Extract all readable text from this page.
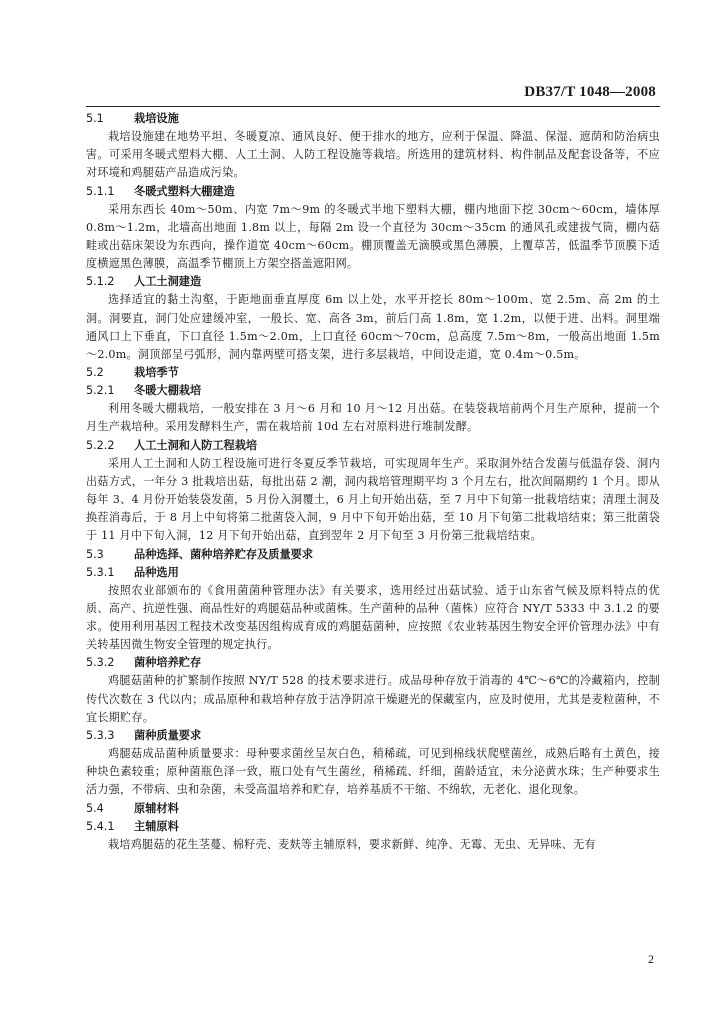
DB37/T 1048—2008
5.1	栽培设施

栽培设施建在地势平坦、冬暖夏凉、通风良好、便于排水的地方，应利于保温、降温、保湿、遮荫和防治病虫害。可采用冬暖式塑料大棚、人工土洞、人防工程设施等栽培。所选用的建筑材料、构件制品及配套设备等，不应对环境和鸡腿菇产品造成污染。

5.1.1 冬暖式塑料大棚建造

采用东西长 40m～50m、内宽 7m～9m 的冬暖式半地下塑料大棚，棚内地面下挖 30cm～60cm，墙体厚 0.8m～1.2m，北墙高出地面 1.8m 以上，每隔 2m 设一个直径为 30cm～35cm 的通风孔或建拔气筒，棚内菇畦或出菇床架设为东西向，操作道宽 40cm～60cm。棚顶覆盖无滴膜或黑色薄膜，上覆草苫，低温季节顶膜下适度横遮黑色薄膜，高温季节棚顶上方架空搭盖遮阳网。

5.1.2 人工土洞建造

选择适宜的黏土沟壑，于距地面垂直厚度 6m 以上处，水平开挖长 80m～100m、宽 2.5m、高 2m 的土洞。洞要直，洞门处应建缓冲室，一般长、宽、高各 3m，前后门高 1.8m，宽 1.2m，以便于进、出料。洞里端通风口上下垂直，下口直径 1.5m～2.0m，上口直径 60cm～70cm，总高度 7.5m～8m，一般高出地面 1.5m～2.0m。洞顶部呈弓弧形，洞内靠两壁可搭支架，进行多层栽培，中间设走道，宽 0.4m～0.5m。

5.2	栽培季节
5.2.1 冬暖大棚栽培

利用冬暖大棚栽培，一般安排在 3 月～6 月和 10 月～12 月出菇。在装袋栽培前两个月生产原种，提前一个月生产栽培种。采用发酵料生产，需在栽培前 10d 左右对原料进行堆制发酵。

5.2.2 人工土洞和人防工程栽培

采用人工土洞和人防工程设施可进行冬夏反季节栽培，可实现周年生产。采取洞外结合发菌与低温存袋、洞内出菇方式，一年分 3 批栽培出菇，每批出菇 2 潮，洞内栽培管理期平均 3 个月左右，批次间隔期约 1 个月。即从每年 3、4 月份开始装袋发菌，5 月份入洞覆土，6 月上旬开始出菇，至 7 月中下旬第一批栽培结束；清理土洞及换茬消毒后，于 8 月上中旬将第二批菌袋入洞，9 月中下旬开始出菇，至 10 月下旬第二批栽培结束；第三批菌袋于 11 月中下旬入洞，12 月下旬开始出菇，直到翌年 2 月下旬至 3 月份第三批栽培结束。

5.3	品种选择、菌种培养贮存及质量要求
5.3.1 品种选用

按照农业部颁布的《食用菌菌种管理办法》有关要求，选用经过出菇试验、适于山东省气候及原料特点的优质、高产、抗逆性强、商品性好的鸡腿菇品种或菌株。生产菌种的品种（菌株）应符合 NY/T 5333 中 3.1.2 的要求。使用利用基因工程技术改变基因组构成育成的鸡腿菇菌种，应按照《农业转基因生物安全评价管理办法》中有关转基因微生物安全管理的规定执行。

5.3.2 菌种培养贮存

鸡腿菇菌种的扩繁制作按照 NY/T 528 的技术要求进行。成品母种存放于消毒的 4℃～6℃的冷藏箱内，控制传代次数在 3 代以内；成品原种和栽培种存放于洁净阴凉干燥避光的保藏室内，应及时使用，尤其是麦粒菌种，不宜长期贮存。

5.3.3 菌种质量要求

鸡腿菇成品菌种质量要求：母种要求菌丝呈灰白色，稍稀疏，可见到棉线状爬壁菌丝，成熟后略有土黄色，接种块色素较重；原种菌瓶色泽一致，瓶口处有气生菌丝，稍稀疏、纤细，菌龄适宜，未分泌黄水珠；生产种要求生活力强，不带病、虫和杂菌，未受高温培养和贮存，培养基质不干缩、不绵软，无老化、退化现象。

5.4	原辅材料
5.4.1 主辅原料

栽培鸡腿菇的花生茎蔓、棉籽壳、麦麸等主辅原料，要求新鲜、纯净、无霉、无虫、无异味、无有

2
